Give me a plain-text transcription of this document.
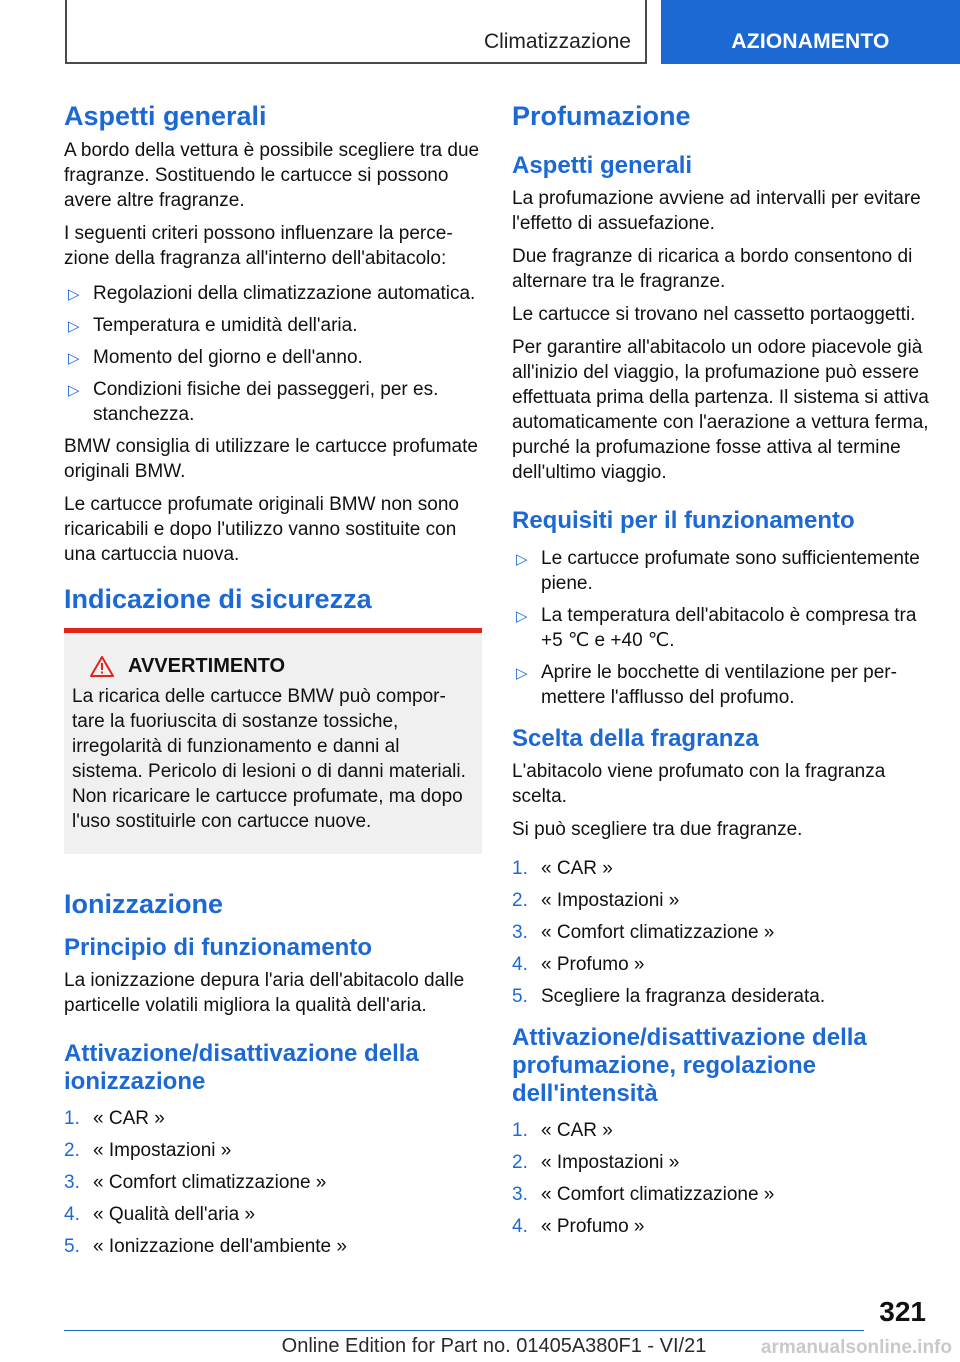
Climatizzazione	AZIONAMENTO
Aspetti generali

A bordo della vettura è possibile scegliere tra due fragranze. Sostituendo le cartucce si possono avere altre fragranze.

I seguenti criteri possono influenzare la percezione della fragranza all'interno dell'abitacolo:

▷ Regolazioni della climatizzazione automatica.
▷ Temperatura e umidità dell'aria.
▷ Momento del giorno e dell'anno.
▷ Condizioni fisiche dei passeggeri, per es. stanchezza.

BMW consiglia di utilizzare le cartucce profumate originali BMW.

Le cartucce profumate originali BMW non sono ricaricabili e dopo l'utilizzo vanno sostituite con una cartuccia nuova.

Indicazione di sicurezza
AVVERTIMENTO

La ricarica delle cartucce BMW può comportare la fuoriuscita di sostanze tossiche, irregolarità di funzionamento e danni al sistema. Pericolo di lesioni o di danni materiali. Non ricaricare le cartucce profumate, ma dopo l'uso sostituirle con cartucce nuove.

Ionizzazione
Principio di funzionamento

La ionizzazione depura l'aria dell'abitacolo dalle particelle volatili migliora la qualità dell'aria.

Attivazione/disattivazione della ionizzazione
1. « CAR »
2. « Impostazioni »
3. « Comfort climatizzazione »
4. « Qualità dell'aria »
5. « Ionizzazione dell'ambiente »
Profumazione
Aspetti generali

La profumazione avviene ad intervalli per evitare l'effetto di assuefazione.

Due fragranze di ricarica a bordo consentono di alternare tra le fragranze.

Le cartucce si trovano nel cassetto portaoggetti.

Per garantire all'abitacolo un odore piacevole già all'inizio del viaggio, la profumazione può essere effettuata prima della partenza. Il sistema si attiva automaticamente con l'aerazione a vettura ferma, purché la profumazione fosse attiva al termine dell'ultimo viaggio.

Requisiti per il funzionamento
▷ Le cartucce profumate sono sufficientemente piene.
▷ La temperatura dell'abitacolo è compresa tra +5 ℃ e +40 ℃.
▷ Aprire le bocchette di ventilazione per permettere l'afflusso del profumo.
Scelta della fragranza

L'abitacolo viene profumato con la fragranza scelta.

Si può scegliere tra due fragranze.

1. « CAR »
2. « Impostazioni »
3. « Comfort climatizzazione »
4. « Profumo »
5. Scegliere la fragranza desiderata.
Attivazione/disattivazione della profumazione, regolazione dell'intensità
1. « CAR »
2. « Impostazioni »
3. « Comfort climatizzazione »
4. « Profumo »
321
Online Edition for Part no. 01405A380F1 - VI/21	armanualsonline.info
